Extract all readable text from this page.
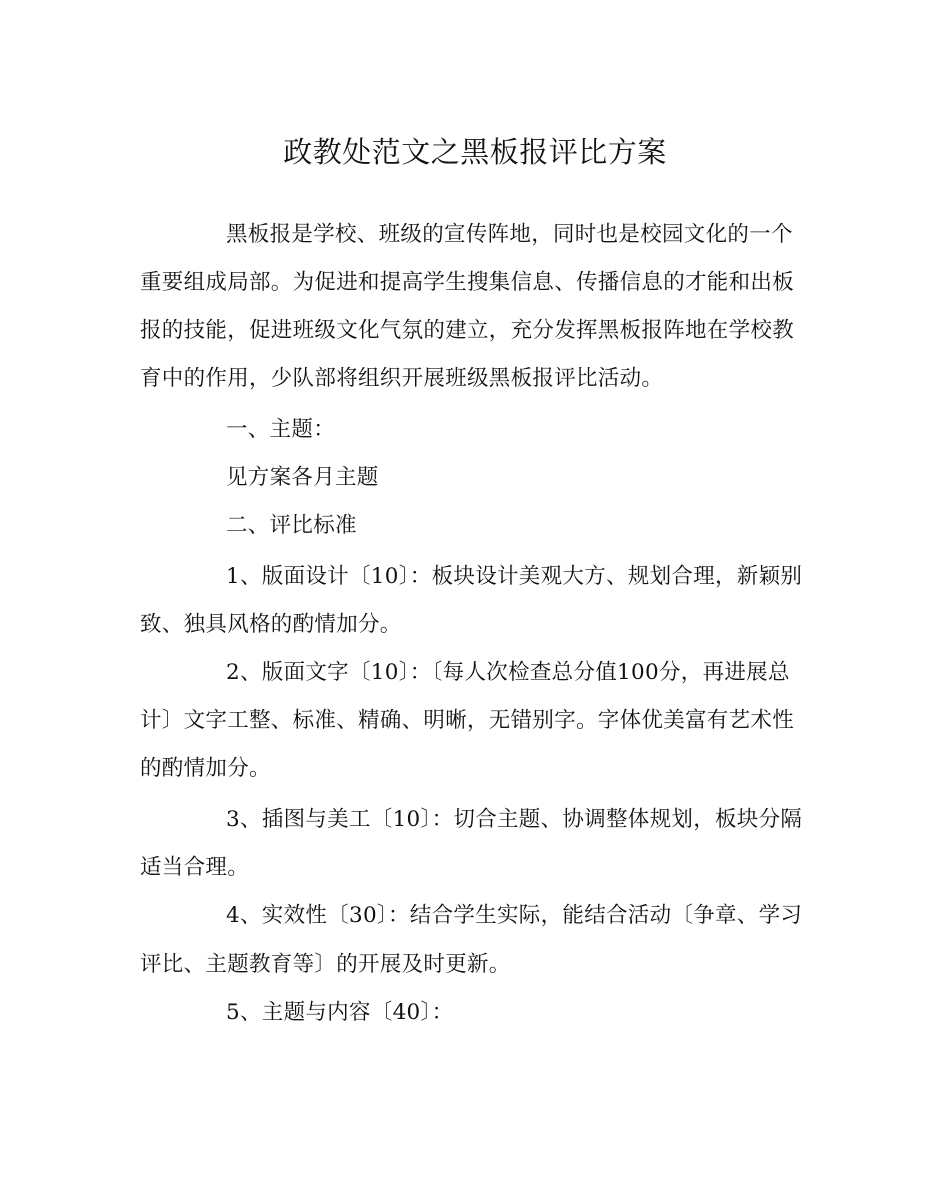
政教处范文之黑板报评比方案
黑板报是学校、班级的宣传阵地，同时也是校园文化的一个
重要组成局部。为促进和提高学生搜集信息、传播信息的才能和出板
报的技能，促进班级文化气氛的建立，充分发挥黑板报阵地在学校教
育中的作用，少队部将组织开展班级黑板报评比活动。
一、主题：
见方案各月主题
二、评比标准
1、版面设计〔10〕：板块设计美观大方、规划合理，新颖别
致、独具风格的酌情加分。
2、版面文字〔10〕：〔每人次检查总分值100分，再进展总
计〕文字工整、标准、精确、明晰，无错别字。字体优美富有艺术性
的酌情加分。
3、插图与美工〔10〕：切合主题、协调整体规划，板块分隔
适当合理。
4、实效性〔30〕：结合学生实际，能结合活动〔争章、学习
评比、主题教育等〕的开展及时更新。
5、主题与内容〔40〕：
